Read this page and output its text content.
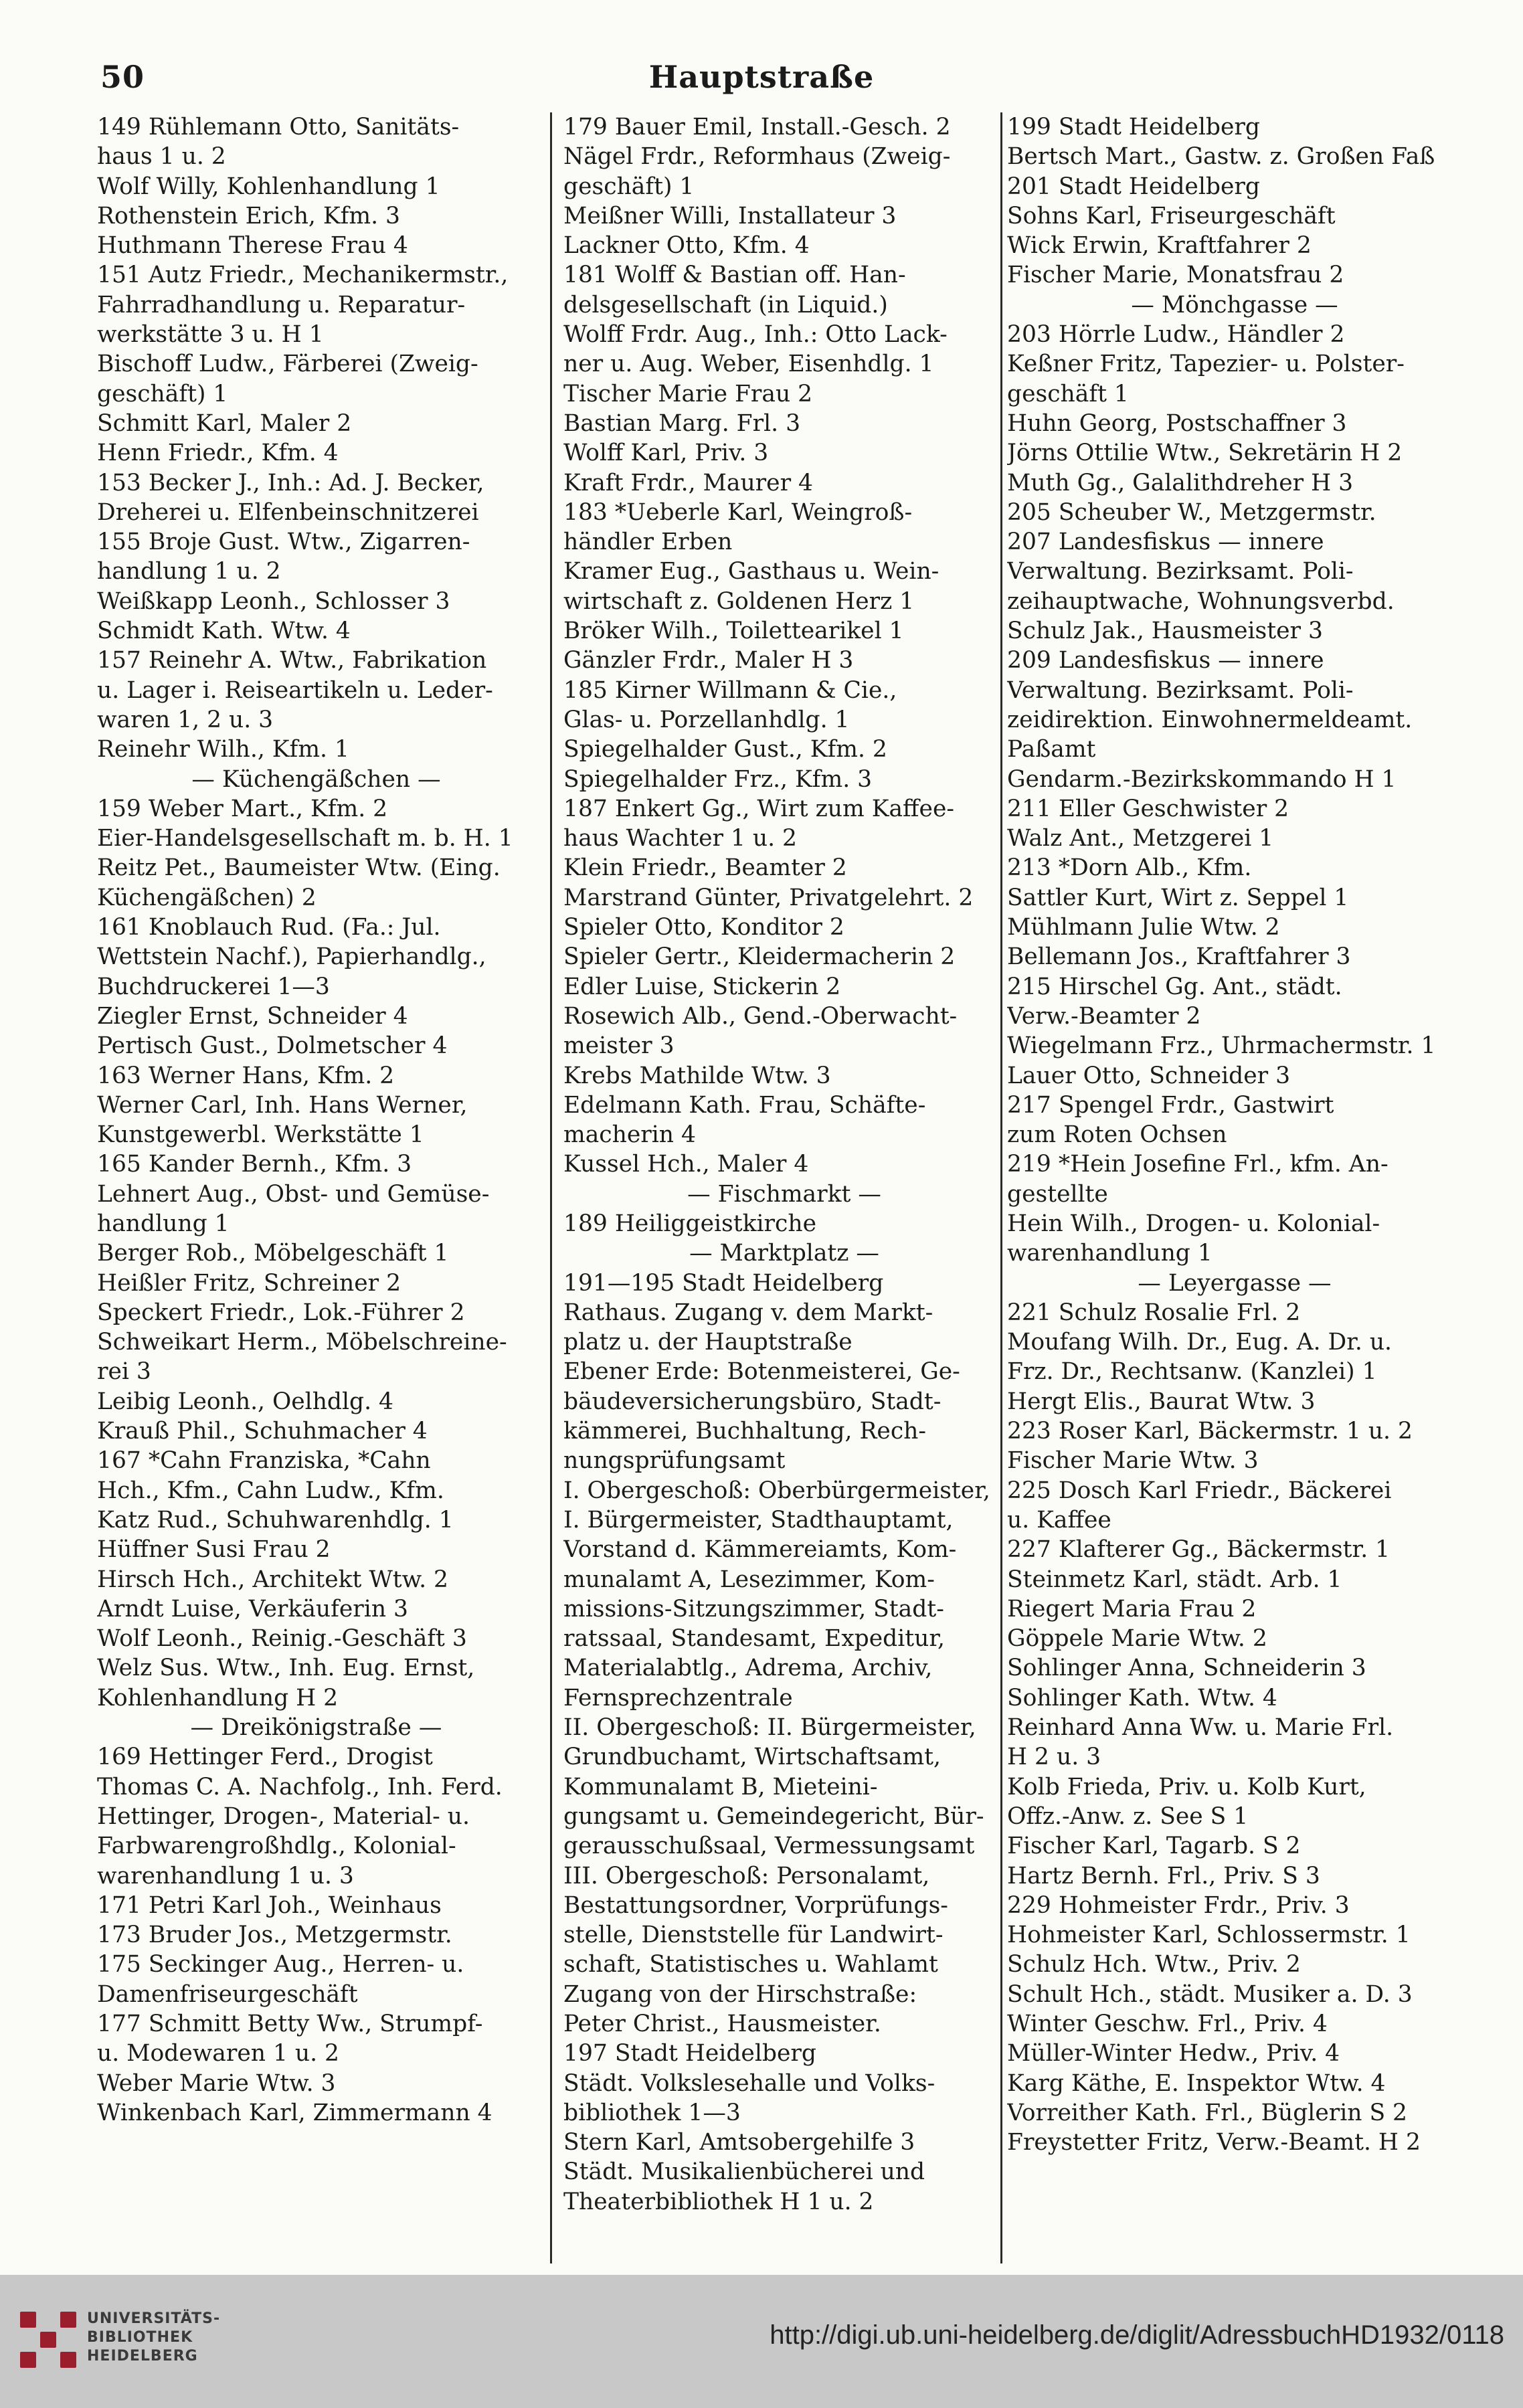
50	Hauptstraße
149 Rühlemann Otto, Sanitäts-
haus 1 u. 2
Wolf Willy, Kohlenhandlung 1
Rothenstein Erich, Kfm. 3
Huthmann Therese Frau 4
151 Autz Friedr., Mechanikermstr.,
Fahrradhandlung u. Reparatur-
werkstätte 3 u. H 1
Bischoff Ludw., Färberei (Zweig-
geschäft) 1
Schmitt Karl, Maler 2
Henn Friedr., Kfm. 4
153 Becker J., Inh.: Ad. J. Becker,
Dreherei u. Elfenbeinschnitzerei
155 Broje Gust. Wtw., Zigarren-
handlung 1 u. 2
Weißkapp Leonh., Schlosser 3
Schmidt Kath. Wtw. 4
157 Reinehr A. Wtw., Fabrikation
u. Lager i. Reiseartikeln u. Leder-
waren 1, 2 u. 3
Reinehr Wilh., Kfm. 1
— Küchengäßchen —
159 Weber Mart., Kfm. 2
Eier-Handelsgesellschaft m. b. H. 1
Reitz Pet., Baumeister Wtw. (Eing.
Küchengäßchen) 2
161 Knoblauch Rud. (Fa.: Jul.
Wettstein Nachf.), Papierhandlg.,
Buchdruckerei 1—3
Ziegler Ernst, Schneider 4
Pertisch Gust., Dolmetscher 4
163 Werner Hans, Kfm. 2
Werner Carl, Inh. Hans Werner,
Kunstgewerbl. Werkstätte 1
165 Kander Bernh., Kfm. 3
Lehnert Aug., Obst- und Gemüse-
handlung 1
Berger Rob., Möbelgeschäft 1
Heißler Fritz, Schreiner 2
Speckert Friedr., Lok.-Führer 2
Schweikart Herm., Möbelschreine-
rei 3
Leibig Leonh., Oelhdlg. 4
Krauß Phil., Schuhmacher 4
167 *Cahn Franziska, *Cahn
Hch., Kfm., Cahn Ludw., Kfm.
Katz Rud., Schuhwarenhdlg. 1
Hüffner Susi Frau 2
Hirsch Hch., Architekt Wtw. 2
Arndt Luise, Verkäuferin 3
Wolf Leonh., Reinig.-Geschäft 3
Welz Sus. Wtw., Inh. Eug. Ernst,
Kohlenhandlung H 2
— Dreikönigstraße —
169 Hettinger Ferd., Drogist
Thomas C. A. Nachfolg., Inh. Ferd.
Hettinger, Drogen-, Material- u.
Farbwarengroßhdlg., Kolonial-
warenhandlung 1 u. 3
171 Petri Karl Joh., Weinhaus
173 Bruder Jos., Metzgermstr.
175 Seckinger Aug., Herren- u.
Damenfriseurgeschäft
177 Schmitt Betty Ww., Strumpf-
u. Modewaren 1 u. 2
Weber Marie Wtw. 3
Winkenbach Karl, Zimmermann 4
179 Bauer Emil, Install.-Gesch. 2
Nägel Frdr., Reformhaus (Zweig-
geschäft) 1
Meißner Willi, Installateur 3
Lackner Otto, Kfm. 4
181 Wolff & Bastian off. Han-
delsgesellschaft (in Liquid.)
Wolff Frdr. Aug., Inh.: Otto Lack-
ner u. Aug. Weber, Eisenhdlg. 1
Tischer Marie Frau 2
Bastian Marg. Frl. 3
Wolff Karl, Priv. 3
Kraft Frdr., Maurer 4
183 *Ueberle Karl, Weingroß-
händler Erben
Kramer Eug., Gasthaus u. Wein-
wirtschaft z. Goldenen Herz 1
Bröker Wilh., Toilettearikel 1
Gänzler Frdr., Maler H 3
185 Kirner Willmann & Cie.,
Glas- u. Porzellanhdlg. 1
Spiegelhalder Gust., Kfm. 2
Spiegelhalder Frz., Kfm. 3
187 Enkert Gg., Wirt zum Kaffee-
haus Wachter 1 u. 2
Klein Friedr., Beamter 2
Marstrand Günter, Privatgelehrt. 2
Spieler Otto, Konditor 2
Spieler Gertr., Kleidermacherin 2
Edler Luise, Stickerin 2
Rosewich Alb., Gend.-Oberwacht-
meister 3
Krebs Mathilde Wtw. 3
Edelmann Kath. Frau, Schäfte-
macherin 4
Kussel Hch., Maler 4
— Fischmarkt —
189 Heiliggeistkirche
— Marktplatz —
191—195 Stadt Heidelberg
Rathaus. Zugang v. dem Markt-
platz u. der Hauptstraße
Ebener Erde: Botenmeisterei, Ge-
bäudeversicherungsbüro, Stadt-
kämmerei, Buchhaltung, Rech-
nungsprüfungsamt
I. Obergeschoß: Oberbürgermeister,
I. Bürgermeister, Stadthauptamt,
Vorstand d. Kämmereiamts, Kom-
munalamt A, Lesezimmer, Kom-
missions-Sitzungszimmer, Stadt-
ratssaal, Standesamt, Expeditur,
Materialabtlg., Adrema, Archiv,
Fernsprechzentrale
II. Obergeschoß: II. Bürgermeister,
Grundbuchamt, Wirtschaftsamt,
Kommunalamt B, Mieteini-
gungsamt u. Gemeindegericht, Bür-
gerausschußsaal, Vermessungsamt
III. Obergeschoß: Personalamt,
Bestattungsordner, Vorprüfungs-
stelle, Dienststelle für Landwirt-
schaft, Statistisches u. Wahlamt
Zugang von der Hirschstraße:
Peter Christ., Hausmeister.
197 Stadt Heidelberg
Städt. Volkslesehalle und Volks-
bibliothek 1—3
Stern Karl, Amtsobergehilfe 3
Städt. Musikalienbücherei und
Theaterbibliothek H 1 u. 2
199 Stadt Heidelberg
Bertsch Mart., Gastw. z. Großen Faß
201 Stadt Heidelberg
Sohns Karl, Friseurgeschäft
Wick Erwin, Kraftfahrer 2
Fischer Marie, Monatsfrau 2
— Mönchgasse —
203 Hörrle Ludw., Händler 2
Keßner Fritz, Tapezier- u. Polster-
geschäft 1
Huhn Georg, Postschaffner 3
Jörns Ottilie Wtw., Sekretärin H 2
Muth Gg., Galalithdreher H 3
205 Scheuber W., Metzgermstr.
207 Landesfiskus — innere
Verwaltung. Bezirksamt. Poli-
zeihauptwache, Wohnungsverbd.
Schulz Jak., Hausmeister 3
209 Landesfiskus — innere
Verwaltung. Bezirksamt. Poli-
zeidirektion. Einwohnermeldeamt.
Paßamt
Gendarm.-Bezirkskommando H 1
211 Eller Geschwister 2
Walz Ant., Metzgerei 1
213 *Dorn Alb., Kfm.
Sattler Kurt, Wirt z. Seppel 1
Mühlmann Julie Wtw. 2
Bellemann Jos., Kraftfahrer 3
215 Hirschel Gg. Ant., städt.
Verw.-Beamter 2
Wiegelmann Frz., Uhrmachermstr. 1
Lauer Otto, Schneider 3
217 Spengel Frdr., Gastwirt
zum Roten Ochsen
219 *Hein Josefine Frl., kfm. An-
gestellte
Hein Wilh., Drogen- u. Kolonial-
warenhandlung 1
— Leyergasse —
221 Schulz Rosalie Frl. 2
Moufang Wilh. Dr., Eug. A. Dr. u.
Frz. Dr., Rechtsanw. (Kanzlei) 1
Hergt Elis., Baurat Wtw. 3
223 Roser Karl, Bäckermstr. 1 u. 2
Fischer Marie Wtw. 3
225 Dosch Karl Friedr., Bäckerei
u. Kaffee
227 Klafterer Gg., Bäckermstr. 1
Steinmetz Karl, städt. Arb. 1
Riegert Maria Frau 2
Göppele Marie Wtw. 2
Sohlinger Anna, Schneiderin 3
Sohlinger Kath. Wtw. 4
Reinhard Anna Ww. u. Marie Frl.
H 2 u. 3
Kolb Frieda, Priv. u. Kolb Kurt,
Offz.-Anw. z. See S 1
Fischer Karl, Tagarb. S 2
Hartz Bernh. Frl., Priv. S 3
229 Hohmeister Frdr., Priv. 3
Hohmeister Karl, Schlossermstr. 1
Schulz Hch. Wtw., Priv. 2
Schult Hch., städt. Musiker a. D. 3
Winter Geschw. Frl., Priv. 4
Müller-Winter Hedw., Priv. 4
Karg Käthe, E. Inspektor Wtw. 4
Vorreither Kath. Frl., Büglerin S 2
Freystetter Fritz, Verw.-Beamt. H 2
UNIVERSITÄTS-
BIBLIOTHEK
HEIDELBERG
http://digi.ub.uni-heidelberg.de/diglit/AdressbuchHD1932/0118
